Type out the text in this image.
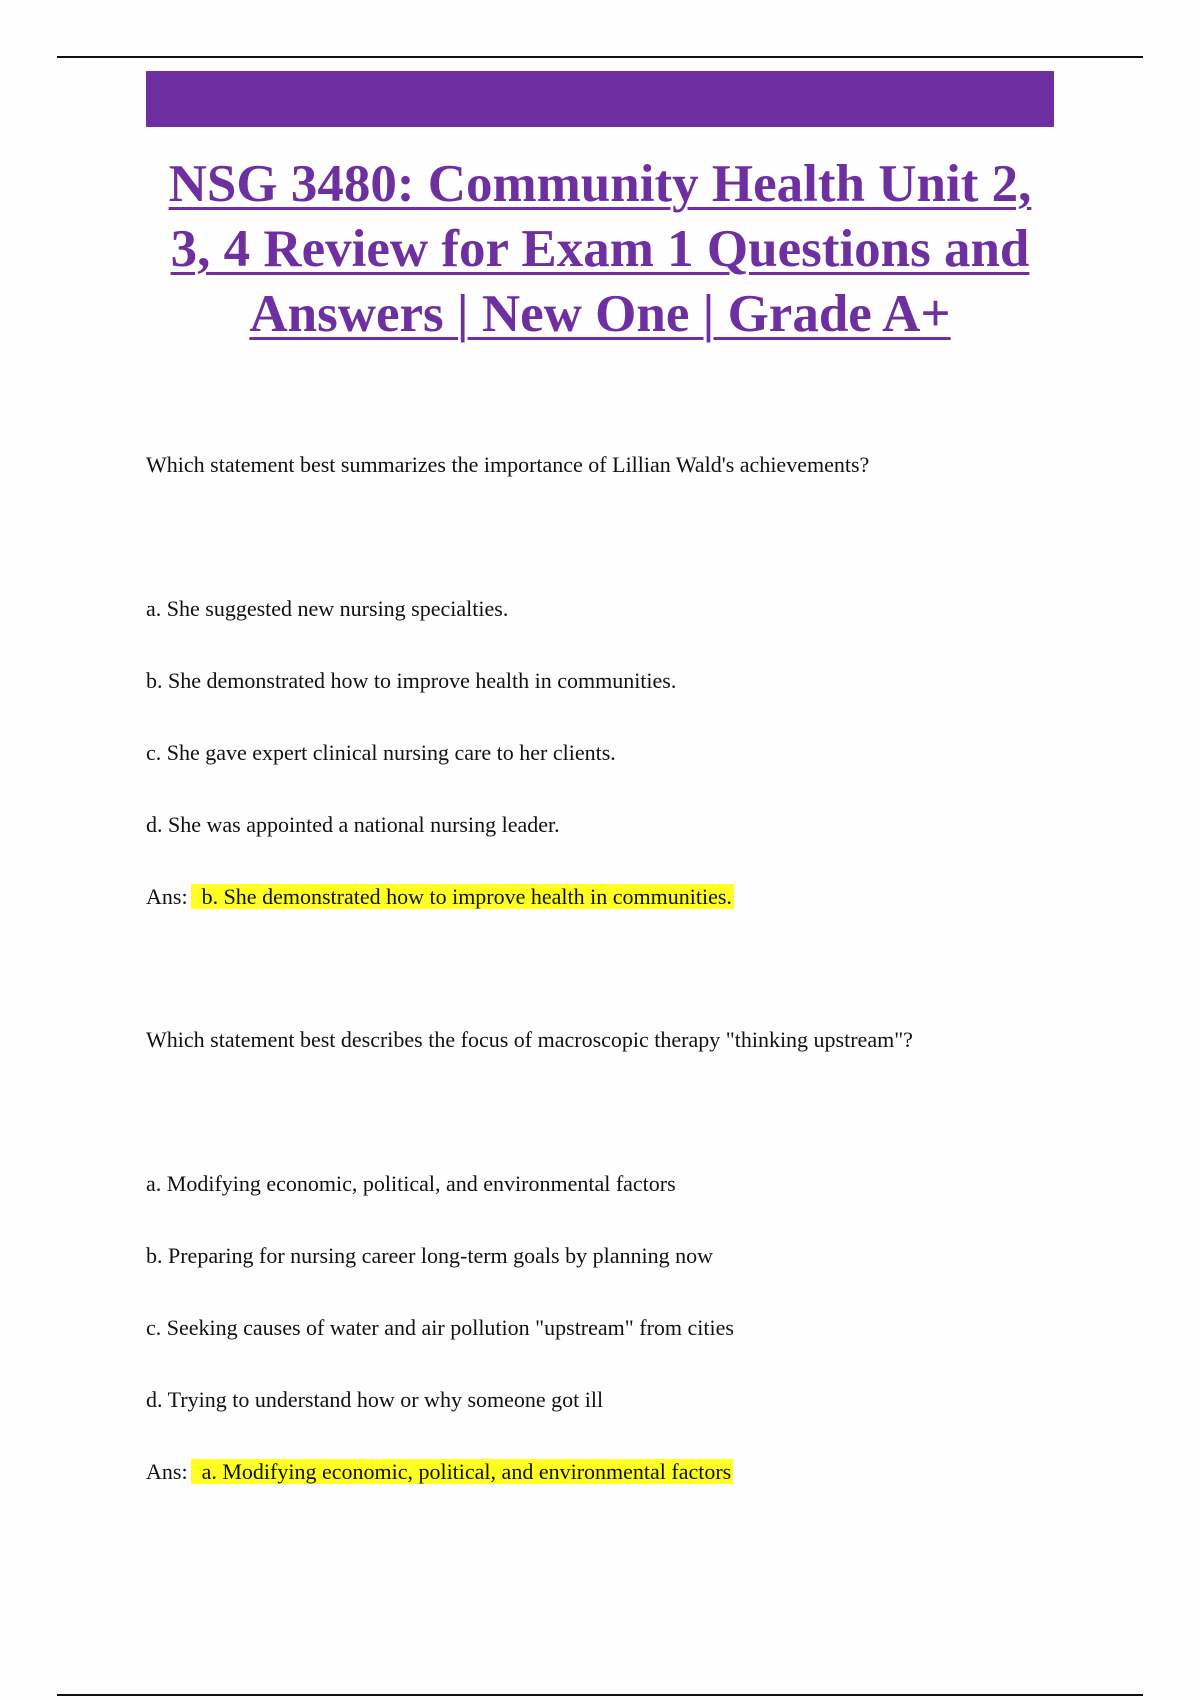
NSG 3480: Community Health Unit 2, 3, 4 Review for Exam 1 Questions and Answers | New One | Grade A+

Which statement best summarizes the importance of Lillian Wald's achievements?

a. She suggested new nursing specialties.

b. She demonstrated how to improve health in communities.

c. She gave expert clinical nursing care to her clients.

d. She was appointed a national nursing leader.

Ans: b. She demonstrated how to improve health in communities.

Which statement best describes the focus of macroscopic therapy "thinking upstream"?

a. Modifying economic, political, and environmental factors

b. Preparing for nursing career long-term goals by planning now

c. Seeking causes of water and air pollution "upstream" from cities

d. Trying to understand how or why someone got ill

Ans: a. Modifying economic, political, and environmental factors
